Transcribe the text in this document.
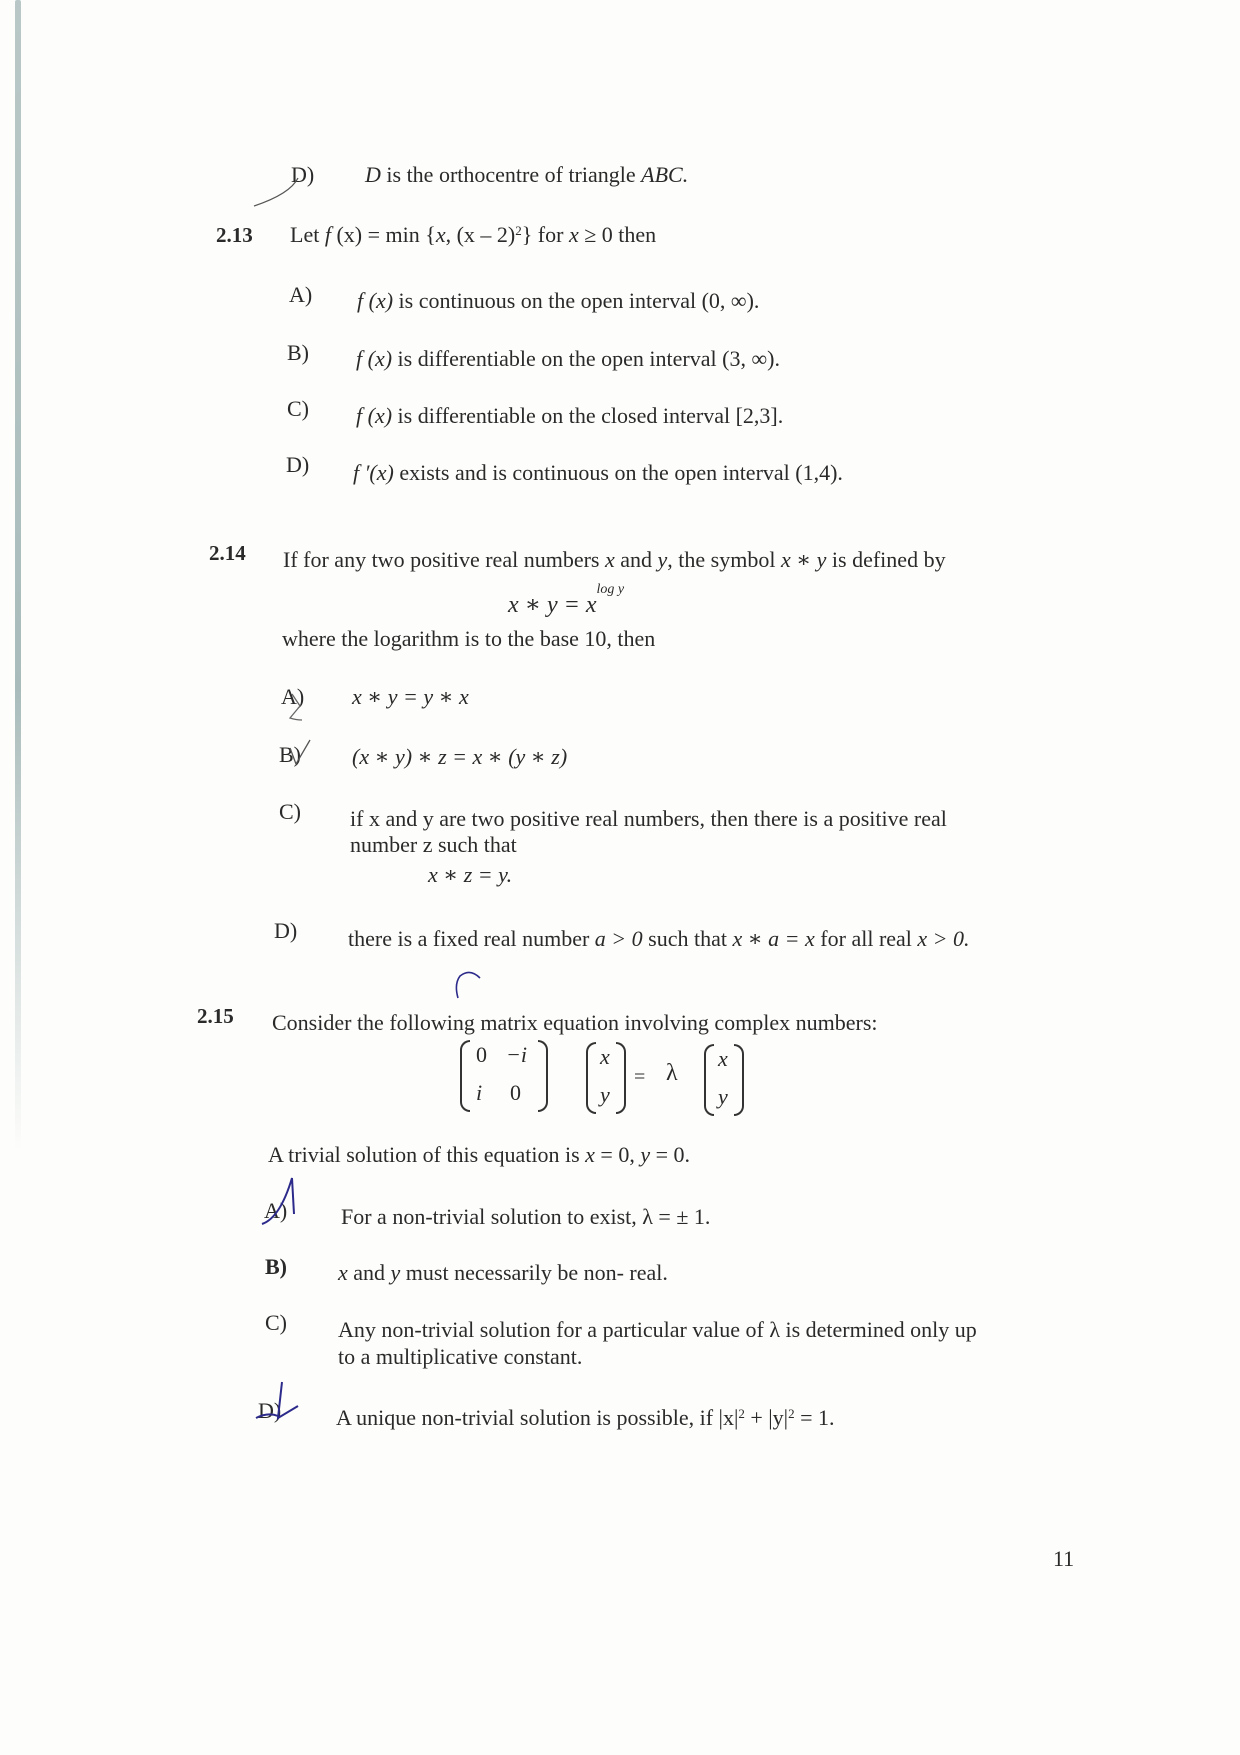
D) D is the orthocentre of triangle ABC.
2.13 Let f (x) = min {x, (x – 2)$^2$} for x ≥ 0 then
A) f (x) is continuous on the open interval (0, ∞).
B) f (x) is differentiable on the open interval (3, ∞).
C) f (x) is differentiable on the closed interval [2,3].
D) f ′(x) exists and is continuous on the open interval (1,4).
2.14 If for any two positive real numbers x and y, the symbol x ∗ y is defined by
x ∗ $y = x^{log y}$
where the logarithm is to the base 10, then
A) x ∗ y = y ∗ x
B) (x ∗ y) ∗ z = x ∗ (y ∗ z)
C) if x and y are two positive real numbers, then there is a positive real
number z such that
x ∗ z = y.
D) there is a fixed real number a > 0 such that x ∗ a = x for all real x > 0.
2.15 Consider the following matrix equation involving complex numbers:
0 −i
i 0
x
y
= λ
x
y
A trivial solution of this equation is x = 0, y = 0.
A) For a non-trivial solution to exist, λ = ± 1.
B) x and y must necessarily be non- real.
C) Any non-trivial solution for a particular value of λ is determined only up
to a multiplicative constant.
D) A unique non-trivial solution is possible, if $|x|^2 + |y|^2 = 1$.
11
